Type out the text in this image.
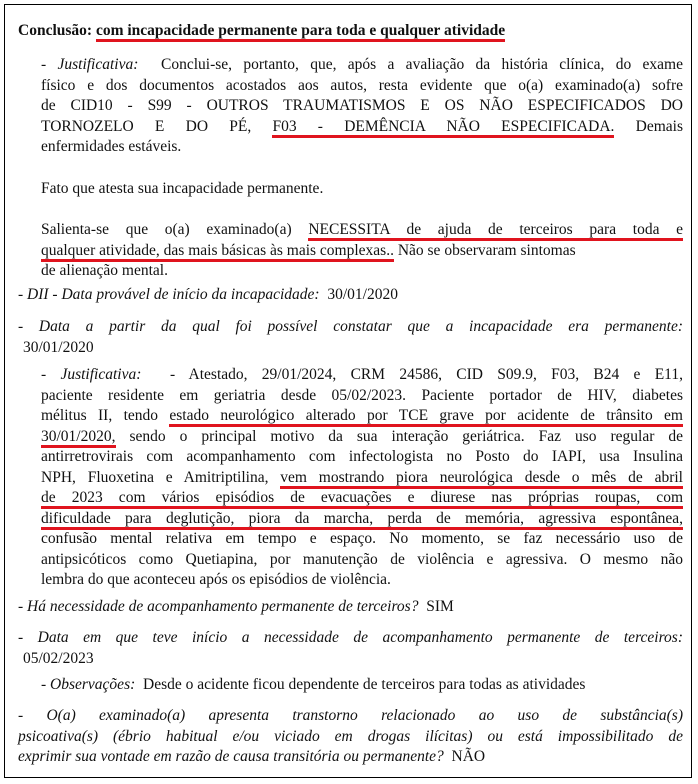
Conclusão: com incapacidade permanente para toda e qualquer atividade
- Justificativa: Conclui-se, portanto, que, após a avaliação da história clínica, do exame
físico e dos documentos acostados aos autos, resta evidente que o(a) examinado(a) sofre
de CID10 - S99 - OUTROS TRAUMATISMOS E OS NÃO ESPECIFICADOS DO
TORNOZELO E DO PÉ, F03 - DEMÊNCIA NÃO ESPECIFICADA. Demais
enfermidades estáveis.
Fato que atesta sua incapacidade permanente.
Salienta-se que o(a) examinado(a) NECESSITA de ajuda de terceiros para toda e
qualquer atividade, das mais básicas às mais complexas.. Não se observaram sintomas
de alienação mental.
- DII - Data provável de início da incapacidade: 30/01/2020
- Data a partir da qual foi possível constatar que a incapacidade era permanente:
30/01/2020
- Justificativa: - Atestado, 29/01/2024, CRM 24586, CID S09.9, F03, B24 e E11,
paciente residente em geriatria desde 05/02/2023. Paciente portador de HIV, diabetes
mélitus II, tendo estado neurológico alterado por TCE grave por acidente de trânsito em
30/01/2020, sendo o principal motivo da sua interação geriátrica. Faz uso regular de
antirretrovirais com acompanhamento com infectologista no Posto do IAPI, usa Insulina
NPH, Fluoxetina e Amitriptilina, vem mostrando piora neurológica desde o mês de abril
de 2023 com vários episódios de evacuações e diurese nas próprias roupas, com
dificuldade para deglutição, piora da marcha, perda de memória, agressiva espontânea,
confusão mental relativa em tempo e espaço. No momento, se faz necessário uso de
antipsicóticos como Quetiapina, por manutenção de violência e agressiva. O mesmo não
lembra do que aconteceu após os episódios de violência.
- Há necessidade de acompanhamento permanente de terceiros? SIM
- Data em que teve início a necessidade de acompanhamento permanente de terceiros:
05/02/2023
- Observações: Desde o acidente ficou dependente de terceiros para todas as atividades
- O(a) examinado(a) apresenta transtorno relacionado ao uso de substância(s)
psicoativa(s) (ébrio habitual e/ou viciado em drogas ilícitas) ou está impossibilitado de
exprimir sua vontade em razão de causa transitória ou permanente? NÃO
